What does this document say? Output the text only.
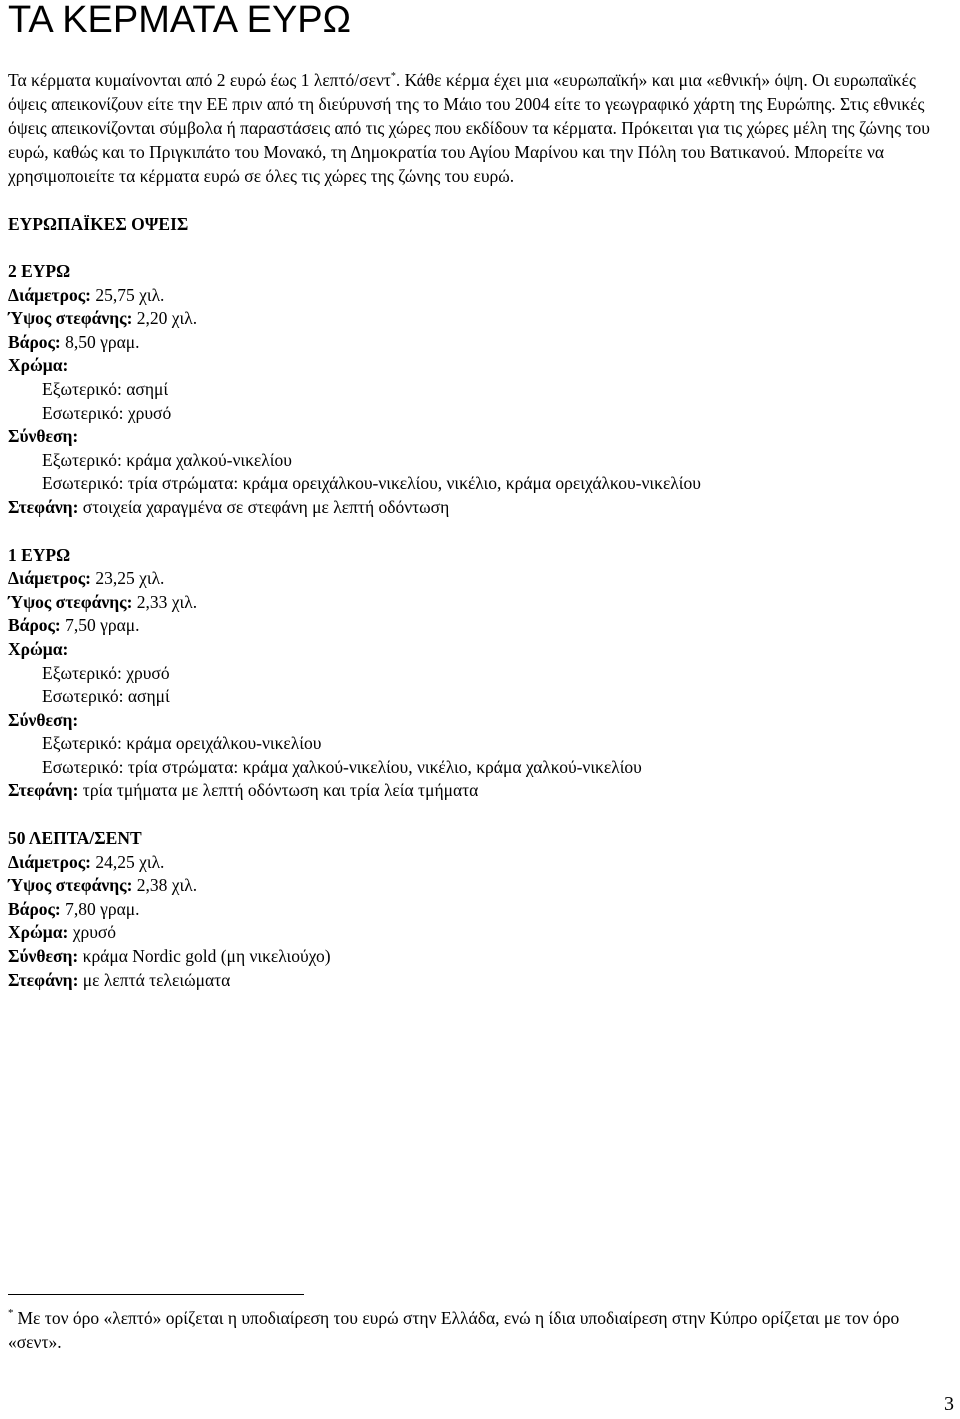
ΤΑ ΚΕΡΜΑΤΑ ΕΥΡΩ

Τα κέρματα κυμαίνονται από 2 ευρώ έως 1 λεπτό/σεντ*. Κάθε κέρμα έχει μια «ευρωπαϊκή» και μια «εθνική» όψη. Οι ευρωπαϊκές όψεις απεικονίζουν είτε την ΕΕ πριν από τη διεύρυνσή της το Μάιο του 2004 είτε το γεωγραφικό χάρτη της Ευρώπης. Στις εθνικές όψεις απεικονίζονται σύμβολα ή παραστάσεις από τις χώρες που εκδίδουν τα κέρματα. Πρόκειται για τις χώρες μέλη της ζώνης του ευρώ, καθώς και το Πριγκιπάτο του Μονακό, τη Δημοκρατία του Αγίου Μαρίνου και την Πόλη του Βατικανού. Μπορείτε να χρησιμοποιείτε τα κέρματα ευρώ σε όλες τις χώρες της ζώνης του ευρώ.

ΕΥΡΩΠΑΪΚΕΣ ΟΨΕΙΣ
2 ΕΥΡΩ
Διάμετρος: 25,75 χιλ.
Ύψος στεφάνης: 2,20 χιλ.
Βάρος: 8,50 γραμ.
Χρώμα:
Εξωτερικό: ασημί
Εσωτερικό: χρυσό
Σύνθεση:
Εξωτερικό: κράμα χαλκού-νικελίου
Εσωτερικό: τρία στρώματα: κράμα ορειχάλκου-νικελίου, νικέλιο, κράμα ορειχάλκου-νικελίου
Στεφάνη: στοιχεία χαραγμένα σε στεφάνη με λεπτή οδόντωση
1 ΕΥΡΩ
Διάμετρος: 23,25 χιλ.
Ύψος στεφάνης: 2,33 χιλ.
Βάρος: 7,50 γραμ.
Χρώμα:
Εξωτερικό: χρυσό
Εσωτερικό: ασημί
Σύνθεση:
Εξωτερικό: κράμα ορειχάλκου-νικελίου
Εσωτερικό: τρία στρώματα: κράμα χαλκού-νικελίου, νικέλιο, κράμα χαλκού-νικελίου
Στεφάνη: τρία τμήματα με λεπτή οδόντωση και τρία λεία τμήματα
50 ΛΕΠΤΑ/ΣΕΝΤ
Διάμετρος: 24,25 χιλ.
Ύψος στεφάνης: 2,38 χιλ.
Βάρος: 7,80 γραμ.
Χρώμα: χρυσό
Σύνθεση: κράμα Nordic gold (μη νικελιούχο)
Στεφάνη: με λεπτά τελειώματα
* Με τον όρο «λεπτό» ορίζεται η υποδιαίρεση του ευρώ στην Ελλάδα, ενώ η ίδια υποδιαίρεση στην Κύπρο ορίζεται με τον όρο «σεντ».
3
